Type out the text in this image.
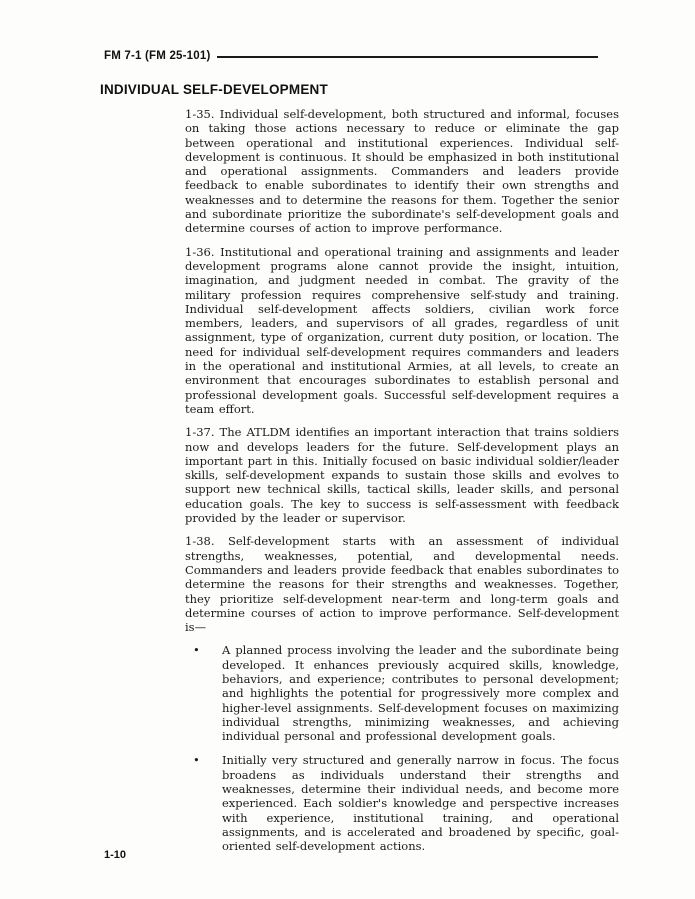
FM 7-1 (FM 25-101)
INDIVIDUAL SELF-DEVELOPMENT

1-35. Individual self-development, both structured and informal, focuses on taking those actions necessary to reduce or eliminate the gap between operational and institutional experiences. Individual self-development is continuous. It should be emphasized in both institutional and operational assignments. Commanders and leaders provide feedback to enable subordinates to identify their own strengths and weaknesses and to determine the reasons for them. Together the senior and subordinate prioritize the subordinate's self-development goals and determine courses of action to improve performance.

1-36. Institutional and operational training and assignments and leader development programs alone cannot provide the insight, intuition, imagination, and judgment needed in combat. The gravity of the military profession requires comprehensive self-study and training. Individual self-development affects soldiers, civilian work force members, leaders, and supervisors of all grades, regardless of unit assignment, type of organization, current duty position, or location. The need for individual self-development requires commanders and leaders in the operational and institutional Armies, at all levels, to create an environment that encourages subordinates to establish personal and professional development goals. Successful self-development requires a team effort.

1-37. The ATLDM identifies an important interaction that trains soldiers now and develops leaders for the future. Self-development plays an important part in this. Initially focused on basic individual soldier/leader skills, self-development expands to sustain those skills and evolves to support new technical skills, tactical skills, leader skills, and personal education goals. The key to success is self-assessment with feedback provided by the leader or supervisor.

1-38. Self-development starts with an assessment of individual strengths, weaknesses, potential, and developmental needs. Commanders and leaders provide feedback that enables subordinates to determine the reasons for their strengths and weaknesses. Together, they prioritize self-development near-term and long-term goals and determine courses of action to improve performance. Self-development is—

• A planned process involving the leader and the subordinate being developed. It enhances previously acquired skills, knowledge, behaviors, and experience; contributes to personal development; and highlights the potential for progressively more complex and higher-level assignments. Self-development focuses on maximizing individual strengths, minimizing weaknesses, and achieving individual personal and professional development goals.
• Initially very structured and generally narrow in focus. The focus broadens as individuals understand their strengths and weaknesses, determine their individual needs, and become more experienced. Each soldier's knowledge and perspective increases with experience, institutional training, and operational assignments, and is accelerated and broadened by specific, goal-oriented self-development actions.
1-10
